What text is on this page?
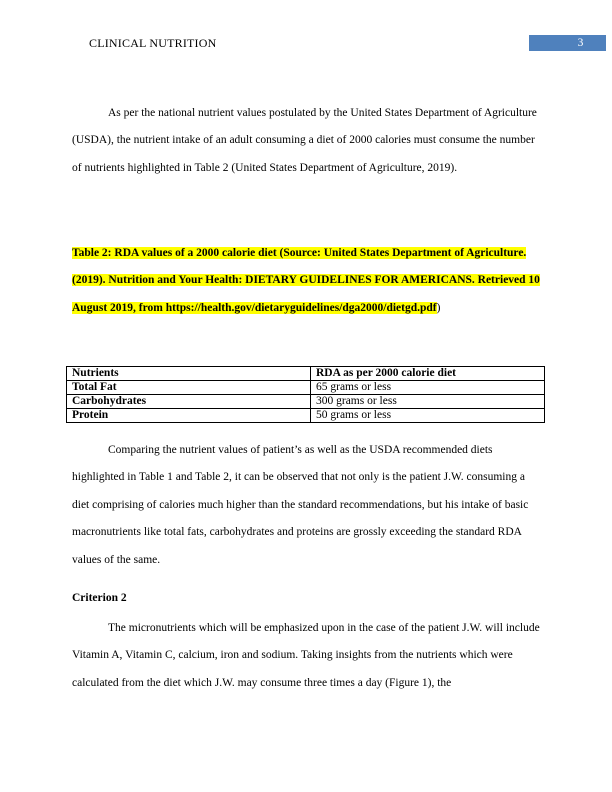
CLINICAL NUTRITION	3

As per the national nutrient values postulated by the United States Department of Agriculture (USDA), the nutrient intake of an adult consuming a diet of 2000 calories must consume the number of nutrients highlighted in Table 2 (United States Department of Agriculture, 2019).

Table 2: RDA values of a 2000 calorie diet (Source: United States Department of Agriculture. (2019). Nutrition and Your Health: DIETARY GUIDELINES FOR AMERICANS. Retrieved 10 August 2019, from https://health.gov/dietaryguidelines/dga2000/dietgd.pdf)
Nutrients	RDA as per 2000 calorie diet
Total Fat	65 grams or less
Carbohydrates	300 grams or less
Protein	50 grams or less

Comparing the nutrient values of patient’s as well as the USDA recommended diets highlighted in Table 1 and Table 2, it can be observed that not only is the patient J.W. consuming a diet comprising of calories much higher than the standard recommendations, but his intake of basic macronutrients like total fats, carbohydrates and proteins are grossly exceeding the standard RDA values of the same.

Criterion 2

The micronutrients which will be emphasized upon in the case of the patient J.W. will include Vitamin A, Vitamin C, calcium, iron and sodium. Taking insights from the nutrients which were calculated from the diet which J.W. may consume three times a day (Figure 1), the
